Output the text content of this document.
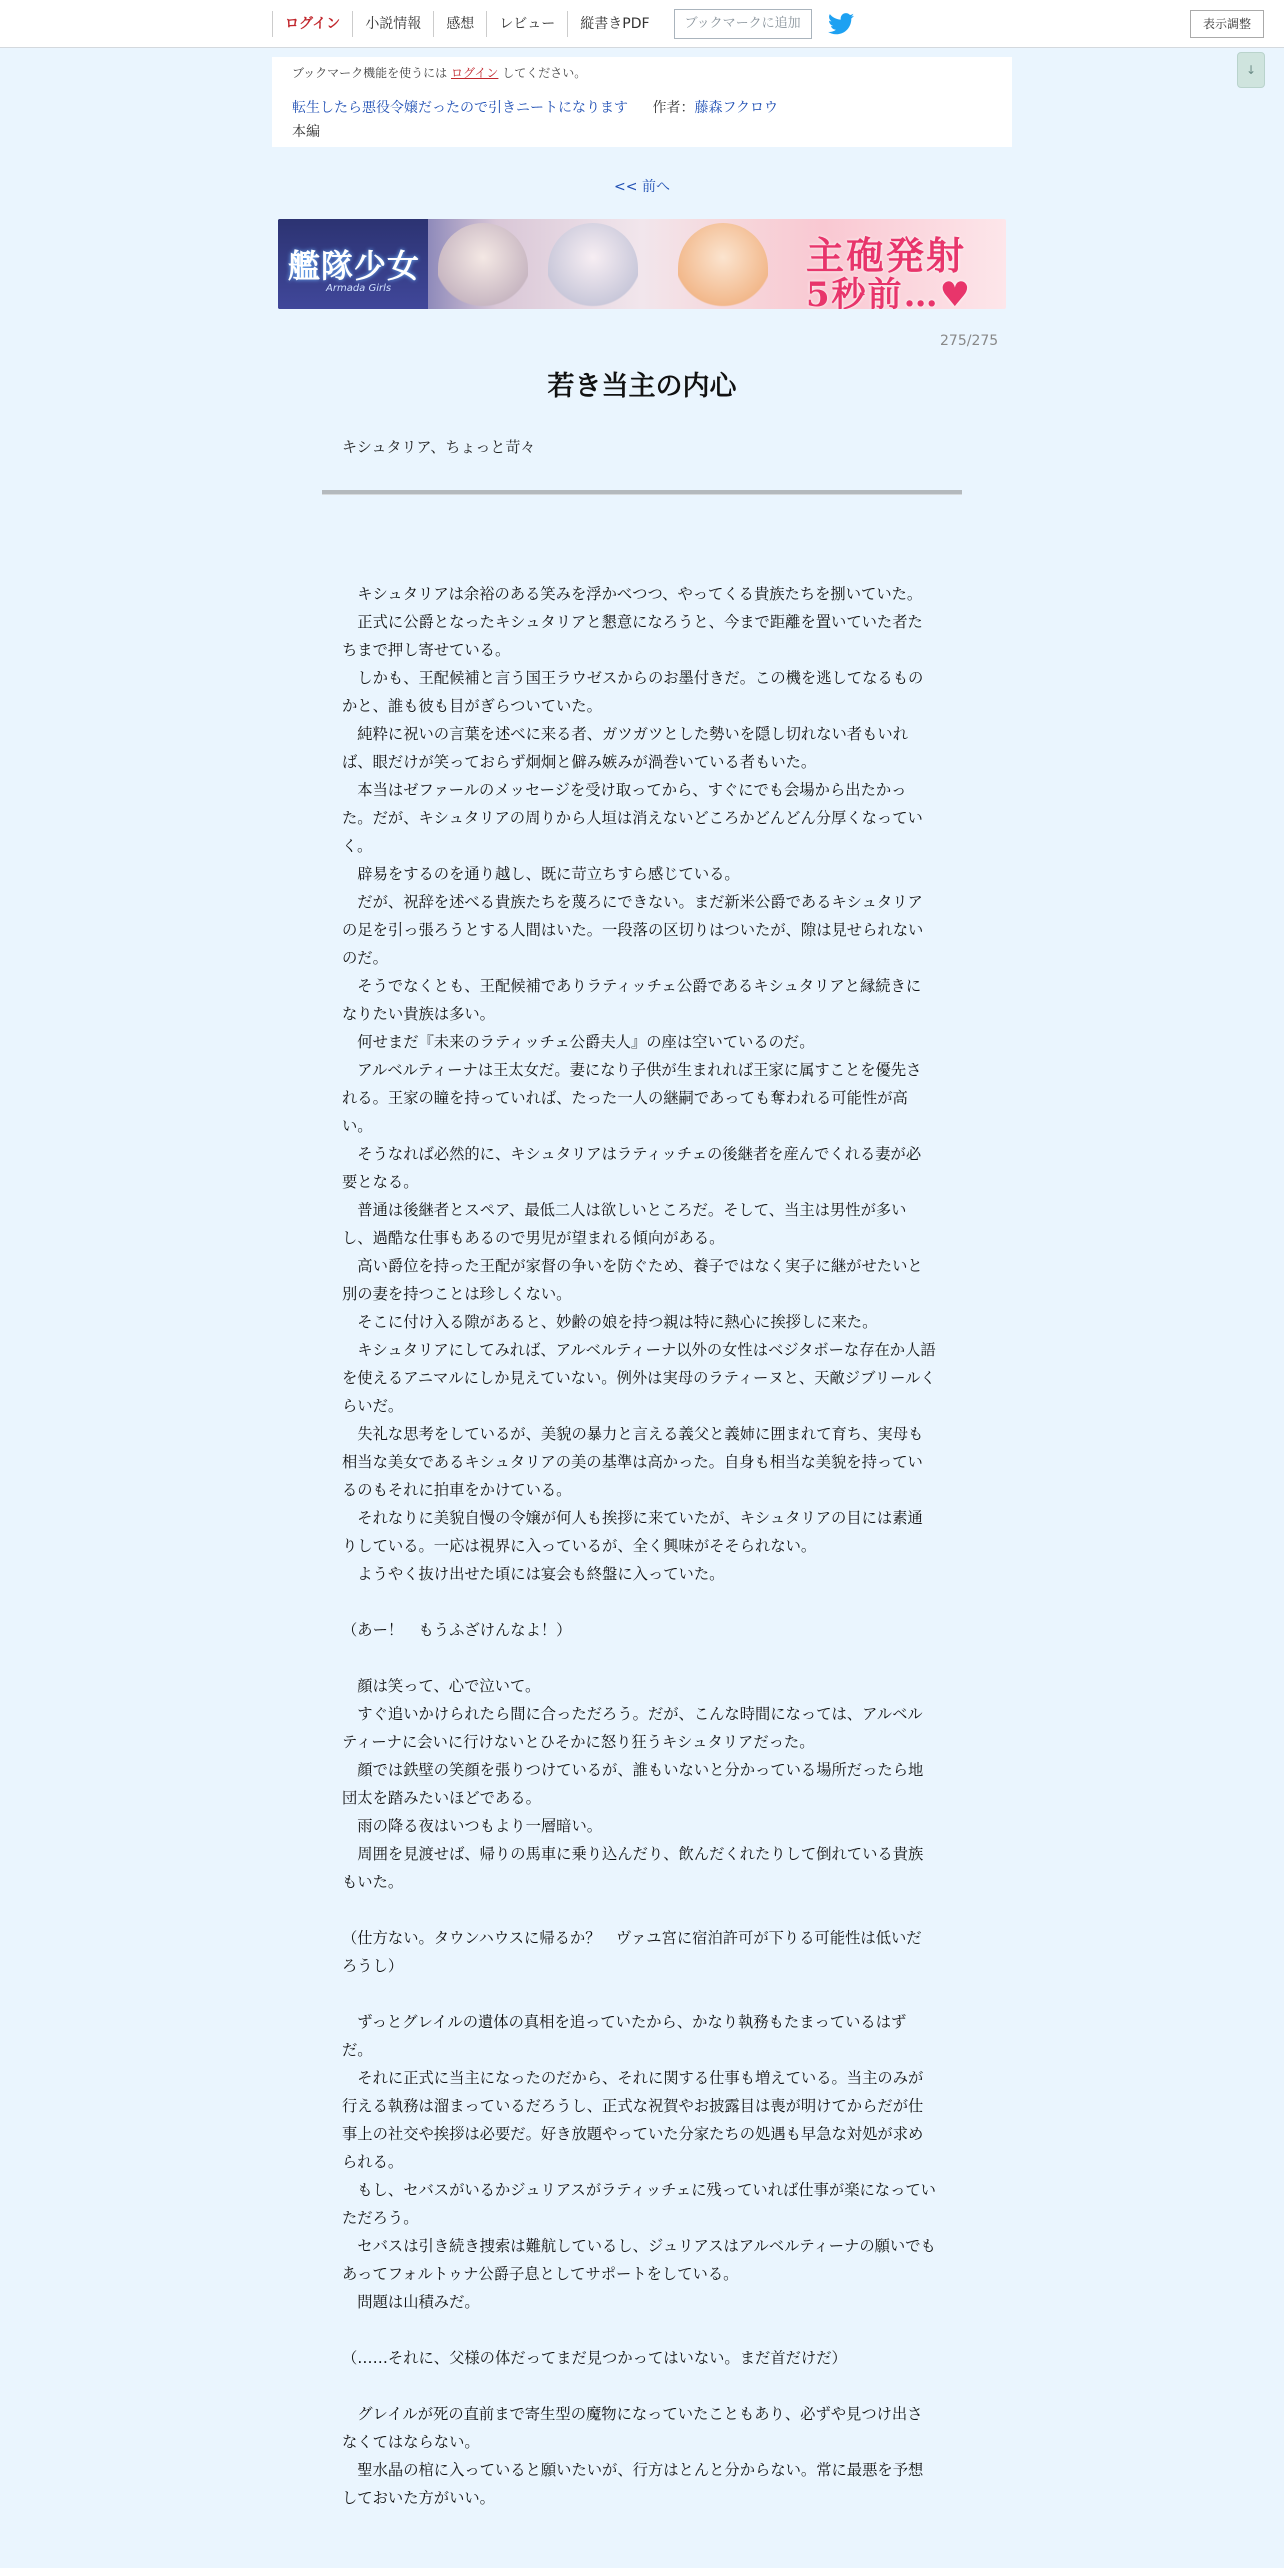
ログイン	小説情報	感想	レビュー	縦書きPDF	ブックマークに追加	表示調整
↓
ブックマーク機能を使うには ログイン してください。
転生したら悪役令嬢だったので引きニートになります 作者：藤森フクロウ
本編
<< 前へ
艦隊少女
Armada Girls
主砲発射
5秒前…♥
275/275
若き当主の内心
キシュタリア、ちょっと苛々

　キシュタリアは余裕のある笑みを浮かべつつ、やってくる貴族たちを捌いていた。

　正式に公爵となったキシュタリアと懇意になろうと、今まで距離を置いていた者たちまで押し寄せている。

　しかも、王配候補と言う国王ラウゼスからのお墨付きだ。この機を逃してなるものかと、誰も彼も目がぎらついていた。

　純粋に祝いの言葉を述べに来る者、ガツガツとした勢いを隠し切れない者もいれば、眼だけが笑っておらず炯炯と僻み嫉みが渦巻いている者もいた。

　本当はゼファールのメッセージを受け取ってから、すぐにでも会場から出たかった。だが、キシュタリアの周りから人垣は消えないどころかどんどん分厚くなっていく。

　辟易をするのを通り越し、既に苛立ちすら感じている。

　だが、祝辞を述べる貴族たちを蔑ろにできない。まだ新米公爵であるキシュタリアの足を引っ張ろうとする人間はいた。一段落の区切りはついたが、隙は見せられないのだ。

　そうでなくとも、王配候補でありラティッチェ公爵であるキシュタリアと縁続きになりたい貴族は多い。

　何せまだ『未来のラティッチェ公爵夫人』の座は空いているのだ。

　アルベルティーナは王太女だ。妻になり子供が生まれれば王家に属すことを優先される。王家の瞳を持っていれば、たった一人の継嗣であっても奪われる可能性が高い。

　そうなれば必然的に、キシュタリアはラティッチェの後継者を産んでくれる妻が必要となる。

　普通は後継者とスペア、最低二人は欲しいところだ。そして、当主は男性が多いし、過酷な仕事もあるので男児が望まれる傾向がある。

　高い爵位を持った王配が家督の争いを防ぐため、養子ではなく実子に継がせたいと別の妻を持つことは珍しくない。

　そこに付け入る隙があると、妙齢の娘を持つ親は特に熱心に挨拶しに来た。

　キシュタリアにしてみれば、アルベルティーナ以外の女性はベジタボーな存在か人語を使えるアニマルにしか見えていない。例外は実母のラティーヌと、天敵ジブリールくらいだ。

　失礼な思考をしているが、美貌の暴力と言える義父と義姉に囲まれて育ち、実母も相当な美女であるキシュタリアの美の基準は高かった。自身も相当な美貌を持っているのもそれに拍車をかけている。

　それなりに美貌自慢の令嬢が何人も挨拶に来ていたが、キシュタリアの目には素通りしている。一応は視界に入っているが、全く興味がそそられない。

　ようやく抜け出せた頃には宴会も終盤に入っていた。

（あー！　もうふざけんなよ！）

　顔は笑って、心で泣いて。

　すぐ追いかけられたら間に合っただろう。だが、こんな時間になっては、アルベルティーナに会いに行けないとひそかに怒り狂うキシュタリアだった。

　顔では鉄壁の笑顔を張りつけているが、誰もいないと分かっている場所だったら地団太を踏みたいほどである。

　雨の降る夜はいつもより一層暗い。

　周囲を見渡せば、帰りの馬車に乗り込んだり、飲んだくれたりして倒れている貴族もいた。

（仕方ない。タウンハウスに帰るか？　ヴァユ宮に宿泊許可が下りる可能性は低いだろうし）

　ずっとグレイルの遺体の真相を追っていたから、かなり執務もたまっているはずだ。

　それに正式に当主になったのだから、それに関する仕事も増えている。当主のみが行える執務は溜まっているだろうし、正式な祝賀やお披露目は喪が明けてからだが仕事上の社交や挨拶は必要だ。好き放題やっていた分家たちの処遇も早急な対処が求められる。

　もし、セバスがいるかジュリアスがラティッチェに残っていれば仕事が楽になっていただろう。

　セバスは引き続き捜索は難航しているし、ジュリアスはアルベルティーナの願いでもあってフォルトゥナ公爵子息としてサポートをしている。

　問題は山積みだ。

（……それに、父様の体だってまだ見つかってはいない。まだ首だけだ）

　グレイルが死の直前まで寄生型の魔物になっていたこともあり、必ずや見つけ出さなくてはならない。

　聖水晶の棺に入っていると願いたいが、行方はとんと分からない。常に最悪を予想しておいた方がいい。
